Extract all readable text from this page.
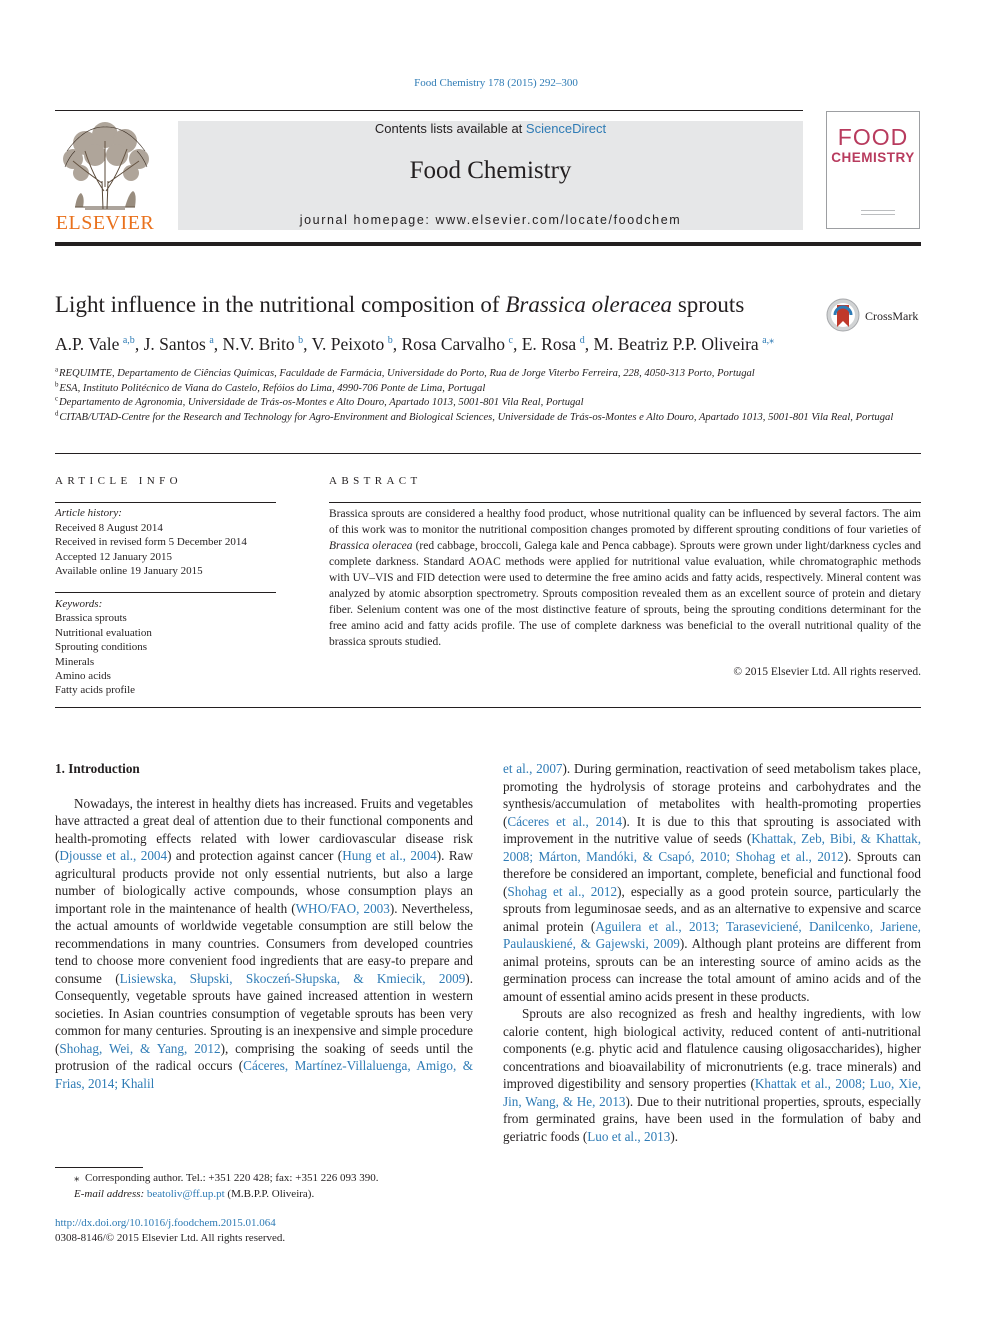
Food Chemistry 178 (2015) 292–300
ELSEVIER
Contents lists available at ScienceDirect
Food Chemistry
journal homepage: www.elsevier.com/locate/foodchem
FOOD
CHEMISTRY
Light influence in the nutritional composition of Brassica oleracea sprouts	CrossMark
A.P. Vale  $^{a,b}$, J. Santos  $^a$, N.V. Brito  $^b$, V. Peixoto  $^b$, Rosa Carvalho  $^c$, E. Rosa  $^d$, M. Beatriz P.P. Oliveira  $^{a,⁎}$

$^a$ REQUIMTE, Departamento de Ciências Químicas, Faculdade de Farmácia, Universidade do Porto, Rua de Jorge Viterbo Ferreira, 228, 4050-313 Porto, Portugal

$^b$ ESA, Instituto Politécnico de Viana do Castelo, Refóios do Lima, 4990-706 Ponte de Lima, Portugal

$^c$ Departamento de Agronomia, Universidade de Trás-os-Montes e Alto Douro, Apartado 1013, 5001-801 Vila Real, Portugal

$^d$ CITAB/UTAD-Centre for the Research and Technology for Agro-Environment and Biological Sciences, Universidade de Trás-os-Montes e Alto Douro, Apartado 1013, 5001-801 Vila Real, Portugal

ARTICLE INFO	ABSTRACT
Article history:
Received 8 August 2014
Received in revised form 5 December 2014
Accepted 12 January 2015
Available online 19 January 2015
Keywords:
Brassica sprouts
Nutritional evaluation
Sprouting conditions
Minerals
Amino acids
Fatty acids profile
Brassica sprouts are considered a healthy food product, whose nutritional quality can be influenced by several factors. The aim of this work was to monitor the nutritional composition changes promoted by different sprouting conditions of four varieties of Brassica oleracea (red cabbage, broccoli, Galega kale and Penca cabbage). Sprouts were grown under light/darkness cycles and complete darkness. Standard AOAC methods were applied for nutritional value evaluation, while chromatographic methods with UV–VIS and FID detection were used to determine the free amino acids and fatty acids, respectively. Mineral content was analyzed by atomic absorption spectrometry. Sprouts composition revealed them as an excellent source of protein and dietary fiber. Selenium content was one of the most distinctive feature of sprouts, being the sprouting conditions determinant for the free amino acid and fatty acids profile. The use of complete darkness was beneficial to the overall nutritional quality of the brassica sprouts studied.
© 2015 Elsevier Ltd. All rights reserved.

1. Introduction

Nowadays, the interest in healthy diets has increased. Fruits and vegetables have attracted a great deal of attention due to their functional components and health-promoting effects related with lower cardiovascular disease risk (Djousse et al., 2004) and protection against cancer (Hung et al., 2004). Raw agricultural products provide not only essential nutrients, but also a large number of biologically active compounds, whose consumption plays an important role in the maintenance of health (WHO/FAO, 2003). Nevertheless, the actual amounts of worldwide vegetable consumption are still below the recommendations in many countries. Consumers from developed countries tend to choose more convenient food ingredients that are easy-to prepare and consume (Lisiewska, Słupski, Skoczeń-Słupska, & Kmiecik, 2009). Consequently, vegetable sprouts have gained increased attention in western societies. In Asian countries consumption of vegetable sprouts has been very common for many centuries. Sprouting is an inexpensive and simple procedure (Shohag, Wei, & Yang, 2012), comprising the soaking of seeds until the protrusion of the radical occurs (Cáceres, Martínez-Villaluenga, Amigo, & Frias, 2014; Khalil

et al., 2007). During germination, reactivation of seed metabolism takes place, promoting the hydrolysis of storage proteins and carbohydrates and the synthesis/accumulation of metabolites with health-promoting properties (Cáceres et al., 2014). It is due to this that sprouting is associated with improvement in the nutritive value of seeds (Khattak, Zeb, Bibi, & Khattak, 2008; Márton, Mandóki, & Csapó, 2010; Shohag et al., 2012). Sprouts can therefore be considered an important, complete, beneficial and functional food (Shohag et al., 2012), especially as a good protein source, particularly the sprouts from leguminosae seeds, and as an alternative to expensive and scarce animal protein (Aguilera et al., 2013; Taraseviciené, Danilcenko, Jariene, Paulauskiené, & Gajewski, 2009). Although plant proteins are different from animal proteins, sprouts can be an interesting source of amino acids as the germination process can increase the total amount of amino acids and of the amount of essential amino acids present in these products.

Sprouts are also recognized as fresh and healthy ingredients, with low calorie content, high biological activity, reduced content of anti-nutritional components (e.g. phytic acid and flatulence causing oligosaccharides), higher concentrations and bioavailability of micronutrients (e.g. trace minerals) and improved digestibility and sensory properties (Khattak et al., 2008; Luo, Xie, Jin, Wang, & He, 2013). Due to their nutritional properties, sprouts, especially from germinated grains, have been used in the formulation of baby and geriatric foods (Luo et al., 2013).

⁎ Corresponding author. Tel.: +351 220 428; fax: +351 226 093 390.

E-mail address: beatoliv@ff.up.pt (M.B.P.P. Oliveira).

http://dx.doi.org/10.1016/j.foodchem.2015.01.064
0308-8146/© 2015 Elsevier Ltd. All rights reserved.
